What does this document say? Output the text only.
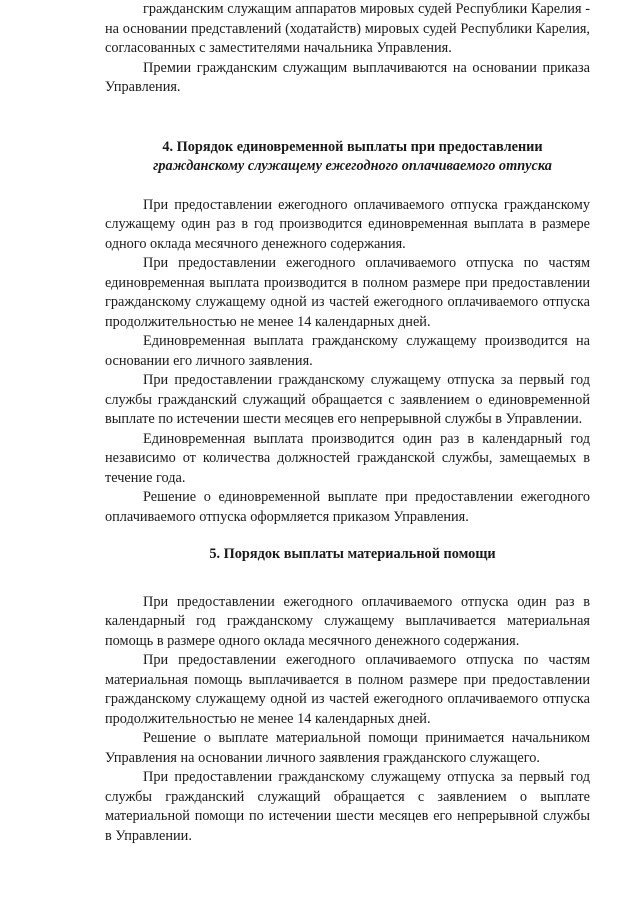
гражданским служащим аппаратов мировых судей Республики Карелия - на основании представлений (ходатайств) мировых судей Республики Карелия, согласованных с заместителями начальника Управления.

Премии гражданским служащим выплачиваются на основании приказа Управления.

4. Порядок единовременной выплаты при предоставлении
гражданскому служащему ежегодного оплачиваемого отпуска

При предоставлении ежегодного оплачиваемого отпуска гражданскому служащему один раз в год производится единовременная выплата в размере одного оклада месячного денежного содержания.

При предоставлении ежегодного оплачиваемого отпуска по частям единовременная выплата производится в полном размере при предоставлении гражданскому служащему одной из частей ежегодного оплачиваемого отпуска продолжительностью не менее 14 календарных дней.

Единовременная выплата гражданскому служащему производится на основании его личного заявления.

При предоставлении гражданскому служащему отпуска за первый год службы гражданский служащий обращается с заявлением о единовременной выплате по истечении шести месяцев его непрерывной службы в Управлении.

Единовременная выплата производится один раз в календарный год независимо от количества должностей гражданской службы, замещаемых в течение года.

Решение о единовременной выплате при предоставлении ежегодного оплачиваемого отпуска оформляется приказом Управления.

5. Порядок выплаты материальной помощи

При предоставлении ежегодного оплачиваемого отпуска один раз в календарный год гражданскому служащему выплачивается материальная помощь в размере одного оклада месячного денежного содержания.

При предоставлении ежегодного оплачиваемого отпуска по частям материальная помощь выплачивается в полном размере при предоставлении гражданскому служащему одной из частей ежегодного оплачиваемого отпуска продолжительностью не менее 14 календарных дней.

Решение о выплате материальной помощи принимается начальником Управления на основании личного заявления гражданского служащего.

При предоставлении гражданскому служащему отпуска за первый год службы гражданский служащий обращается с заявлением о выплате материальной помощи по истечении шести месяцев его непрерывной службы в Управлении.
